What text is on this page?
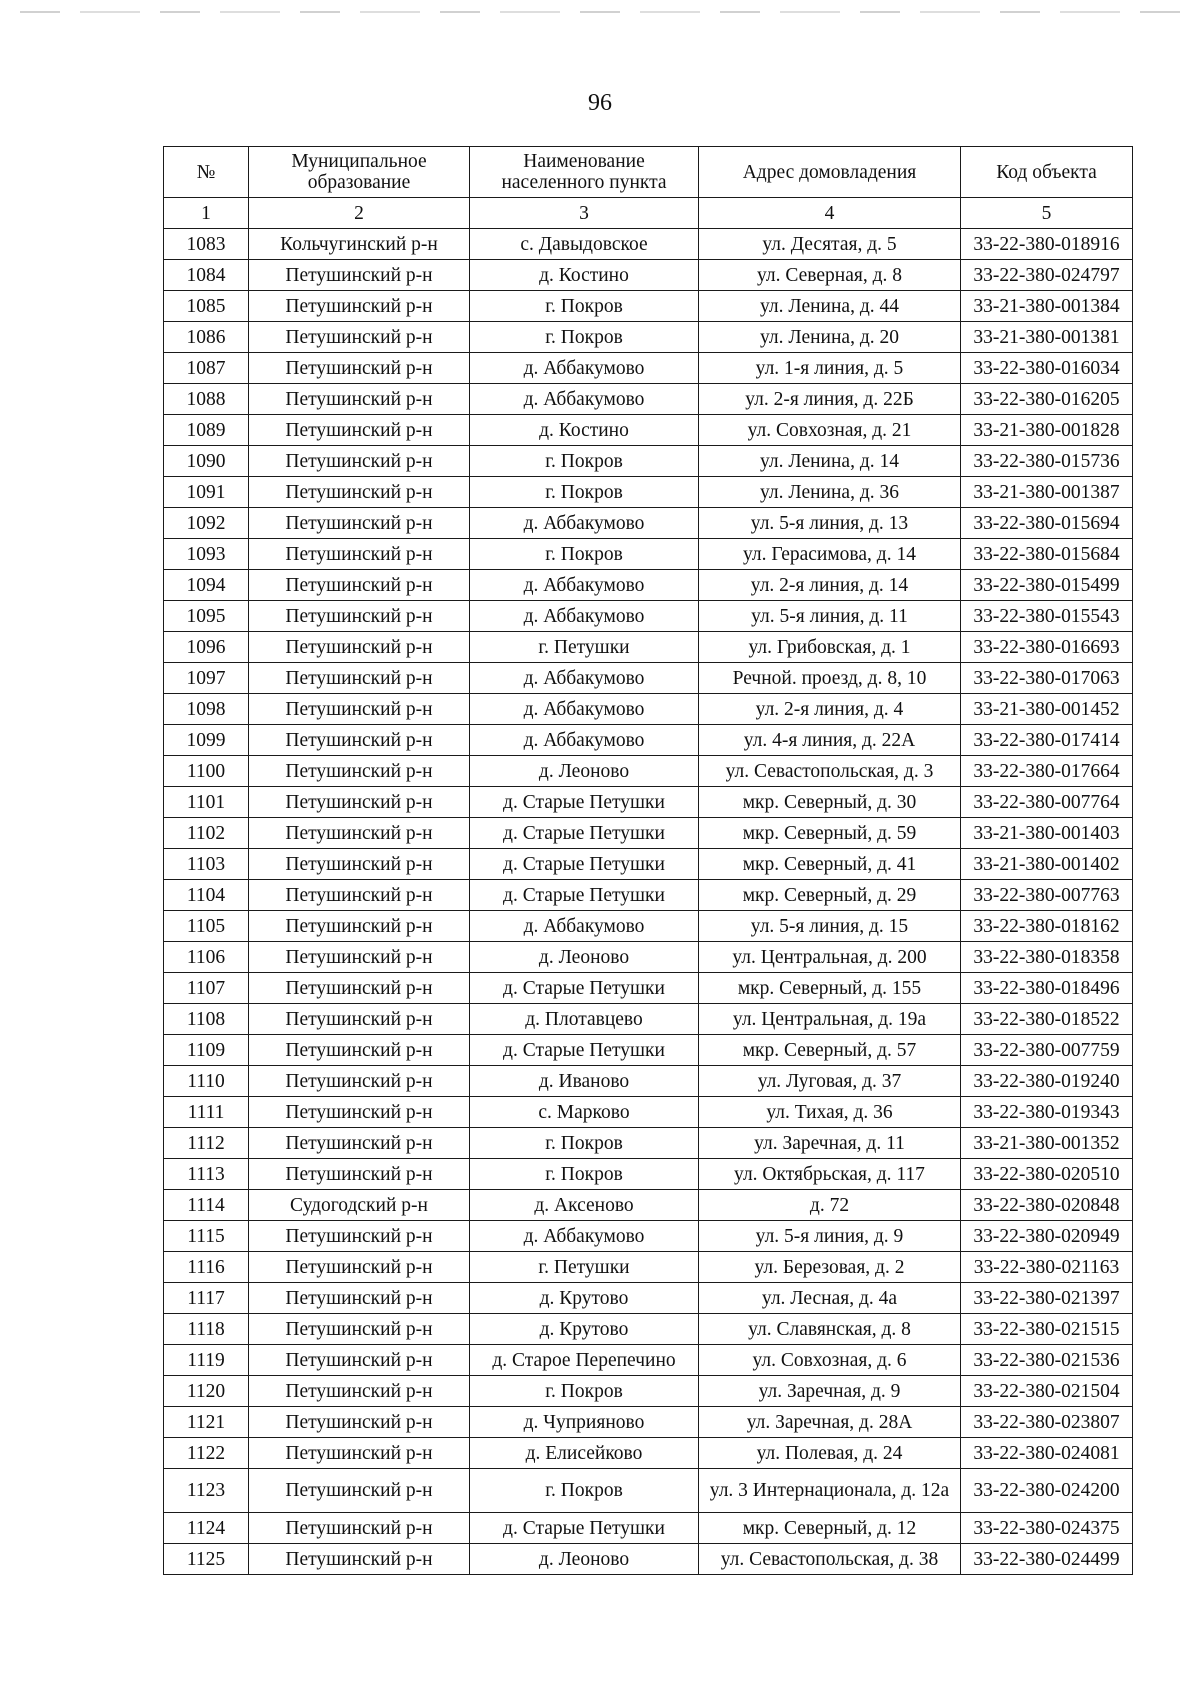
96
№	Муниципальное образование	Наименование населенного пункта	Адрес домовладения	Код объекта
1	2	3	4	5
1083	Кольчугинский р-н	с. Давыдовское	ул. Десятая, д. 5	33-22-380-018916
1084	Петушинский р-н	д. Костино	ул. Северная, д. 8	33-22-380-024797
1085	Петушинский р-н	г. Покров	ул. Ленина, д. 44	33-21-380-001384
1086	Петушинский р-н	г. Покров	ул. Ленина, д. 20	33-21-380-001381
1087	Петушинский р-н	д. Аббакумово	ул. 1-я линия, д. 5	33-22-380-016034
1088	Петушинский р-н	д. Аббакумово	ул. 2-я линия, д. 22Б	33-22-380-016205
1089	Петушинский р-н	д. Костино	ул. Совхозная, д. 21	33-21-380-001828
1090	Петушинский р-н	г. Покров	ул. Ленина, д. 14	33-22-380-015736
1091	Петушинский р-н	г. Покров	ул. Ленина, д. 36	33-21-380-001387
1092	Петушинский р-н	д. Аббакумово	ул. 5-я линия, д. 13	33-22-380-015694
1093	Петушинский р-н	г. Покров	ул. Герасимова, д. 14	33-22-380-015684
1094	Петушинский р-н	д. Аббакумово	ул. 2-я линия, д. 14	33-22-380-015499
1095	Петушинский р-н	д. Аббакумово	ул. 5-я линия, д. 11	33-22-380-015543
1096	Петушинский р-н	г. Петушки	ул. Грибовская, д. 1	33-22-380-016693
1097	Петушинский р-н	д. Аббакумово	Речной. проезд, д. 8, 10	33-22-380-017063
1098	Петушинский р-н	д. Аббакумово	ул. 2-я линия, д. 4	33-21-380-001452
1099	Петушинский р-н	д. Аббакумово	ул. 4-я линия, д. 22А	33-22-380-017414
1100	Петушинский р-н	д. Леоново	ул. Севастопольская, д. 3	33-22-380-017664
1101	Петушинский р-н	д. Старые Петушки	мкр. Северный, д. 30	33-22-380-007764
1102	Петушинский р-н	д. Старые Петушки	мкр. Северный, д. 59	33-21-380-001403
1103	Петушинский р-н	д. Старые Петушки	мкр. Северный, д. 41	33-21-380-001402
1104	Петушинский р-н	д. Старые Петушки	мкр. Северный, д. 29	33-22-380-007763
1105	Петушинский р-н	д. Аббакумово	ул. 5-я линия, д. 15	33-22-380-018162
1106	Петушинский р-н	д. Леоново	ул. Центральная, д. 200	33-22-380-018358
1107	Петушинский р-н	д. Старые Петушки	мкр. Северный, д. 155	33-22-380-018496
1108	Петушинский р-н	д. Плотавцево	ул. Центральная, д. 19а	33-22-380-018522
1109	Петушинский р-н	д. Старые Петушки	мкр. Северный, д. 57	33-22-380-007759
1110	Петушинский р-н	д. Иваново	ул. Луговая, д. 37	33-22-380-019240
1111	Петушинский р-н	с. Марково	ул. Тихая, д. 36	33-22-380-019343
1112	Петушинский р-н	г. Покров	ул. Заречная, д. 11	33-21-380-001352
1113	Петушинский р-н	г. Покров	ул. Октябрьская, д. 117	33-22-380-020510
1114	Судогодский р-н	д. Аксеново	д. 72	33-22-380-020848
1115	Петушинский р-н	д. Аббакумово	ул. 5-я линия, д. 9	33-22-380-020949
1116	Петушинский р-н	г. Петушки	ул. Березовая, д. 2	33-22-380-021163
1117	Петушинский р-н	д. Крутово	ул. Лесная, д. 4а	33-22-380-021397
1118	Петушинский р-н	д. Крутово	ул. Славянская, д. 8	33-22-380-021515
1119	Петушинский р-н	д. Старое Перепечино	ул. Совхозная, д. 6	33-22-380-021536
1120	Петушинский р-н	г. Покров	ул. Заречная, д. 9	33-22-380-021504
1121	Петушинский р-н	д. Чуприяново	ул. Заречная, д. 28А	33-22-380-023807
1122	Петушинский р-н	д. Елисейково	ул. Полевая, д. 24	33-22-380-024081
1123	Петушинский р-н	г. Покров	ул. 3 Интернационала, д. 12а	33-22-380-024200
1124	Петушинский р-н	д. Старые Петушки	мкр. Северный, д. 12	33-22-380-024375
1125	Петушинский р-н	д. Леоново	ул. Севастопольская, д. 38	33-22-380-024499
